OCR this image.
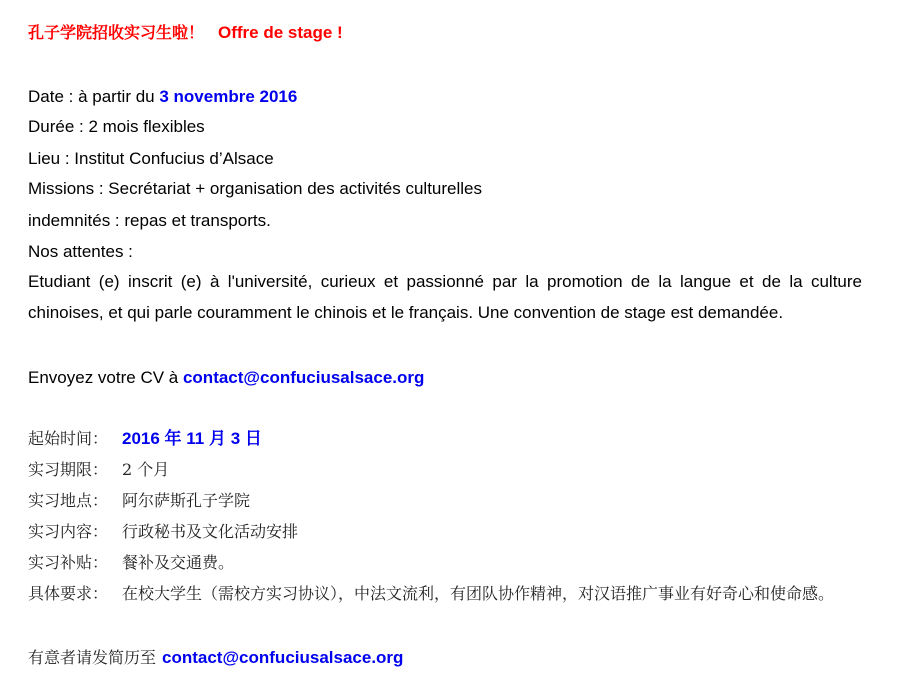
孔子学院招收实习生啦！ Offre de stage !
Date : à partir du 3 novembre 2016
Durée : 2 mois flexibles
Lieu : Institut Confucius d’Alsace
Missions : Secrétariat + organisation des activités culturelles
indemnités : repas et transports.
Nos attentes :
Etudiant (e) inscrit (e) à l'université, curieux et passionné par la promotion de la langue et de la culture chinoises, et qui parle couramment le chinois et le français. Une convention de stage est demandée.
Envoyez votre CV à contact@confuciusalsace.org
起始时间： 2016 年 11 月 3 日
实习期限： 2 个月
实习地点： 阿尔萨斯孔子学院
实习内容： 行政秘书及文化活动安排
实习补贴： 餐补及交通费。
具体要求： 在校大学生（需校方实习协议），中法文流利，有团队协作精神，对汉语推广事业有好奇心和使命感。
有意者请发简历至 contact@confuciusalsace.org
